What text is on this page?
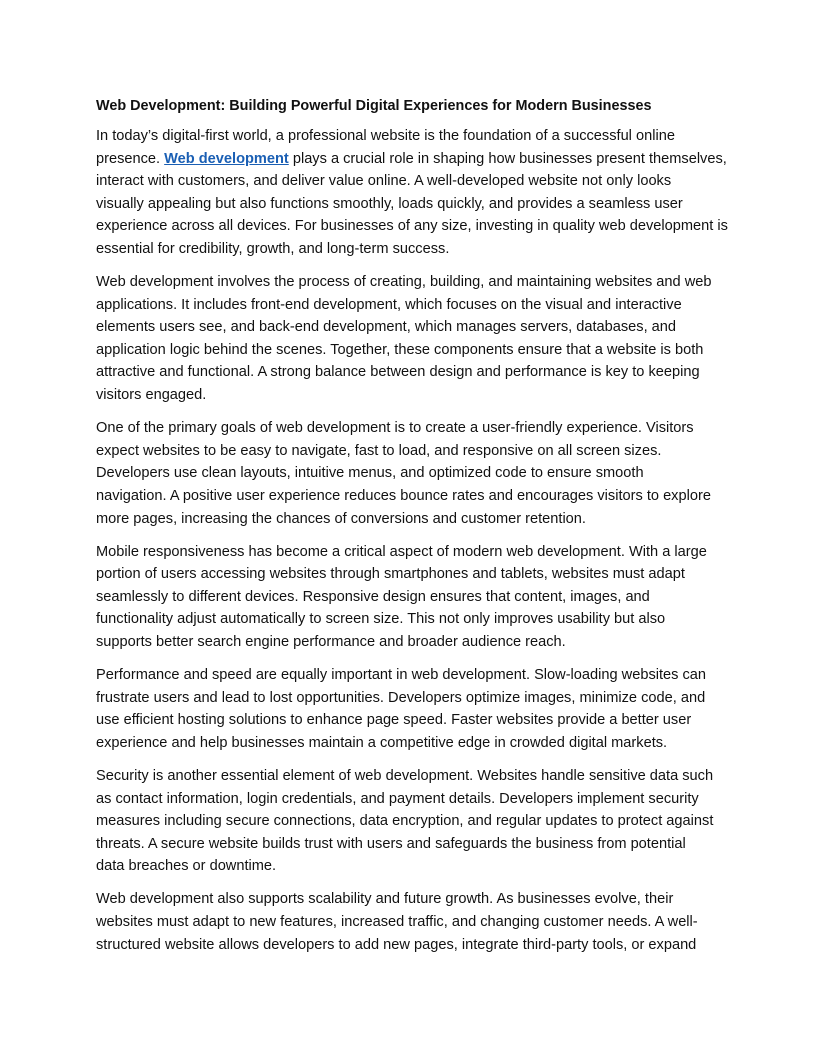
Web Development: Building Powerful Digital Experiences for Modern Businesses
In today’s digital-first world, a professional website is the foundation of a successful online
presence. Web development plays a crucial role in shaping how businesses present themselves,
interact with customers, and deliver value online. A well-developed website not only looks
visually appealing but also functions smoothly, loads quickly, and provides a seamless user
experience across all devices. For businesses of any size, investing in quality web development is
essential for credibility, growth, and long-term success.
Web development involves the process of creating, building, and maintaining websites and web
applications. It includes front-end development, which focuses on the visual and interactive
elements users see, and back-end development, which manages servers, databases, and
application logic behind the scenes. Together, these components ensure that a website is both
attractive and functional. A strong balance between design and performance is key to keeping
visitors engaged.
One of the primary goals of web development is to create a user-friendly experience. Visitors
expect websites to be easy to navigate, fast to load, and responsive on all screen sizes.
Developers use clean layouts, intuitive menus, and optimized code to ensure smooth
navigation. A positive user experience reduces bounce rates and encourages visitors to explore
more pages, increasing the chances of conversions and customer retention.
Mobile responsiveness has become a critical aspect of modern web development. With a large
portion of users accessing websites through smartphones and tablets, websites must adapt
seamlessly to different devices. Responsive design ensures that content, images, and
functionality adjust automatically to screen size. This not only improves usability but also
supports better search engine performance and broader audience reach.
Performance and speed are equally important in web development. Slow-loading websites can
frustrate users and lead to lost opportunities. Developers optimize images, minimize code, and
use efficient hosting solutions to enhance page speed. Faster websites provide a better user
experience and help businesses maintain a competitive edge in crowded digital markets.
Security is another essential element of web development. Websites handle sensitive data such
as contact information, login credentials, and payment details. Developers implement security
measures including secure connections, data encryption, and regular updates to protect against
threats. A secure website builds trust with users and safeguards the business from potential
data breaches or downtime.
Web development also supports scalability and future growth. As businesses evolve, their
websites must adapt to new features, increased traffic, and changing customer needs. A well-
structured website allows developers to add new pages, integrate third-party tools, or expand
